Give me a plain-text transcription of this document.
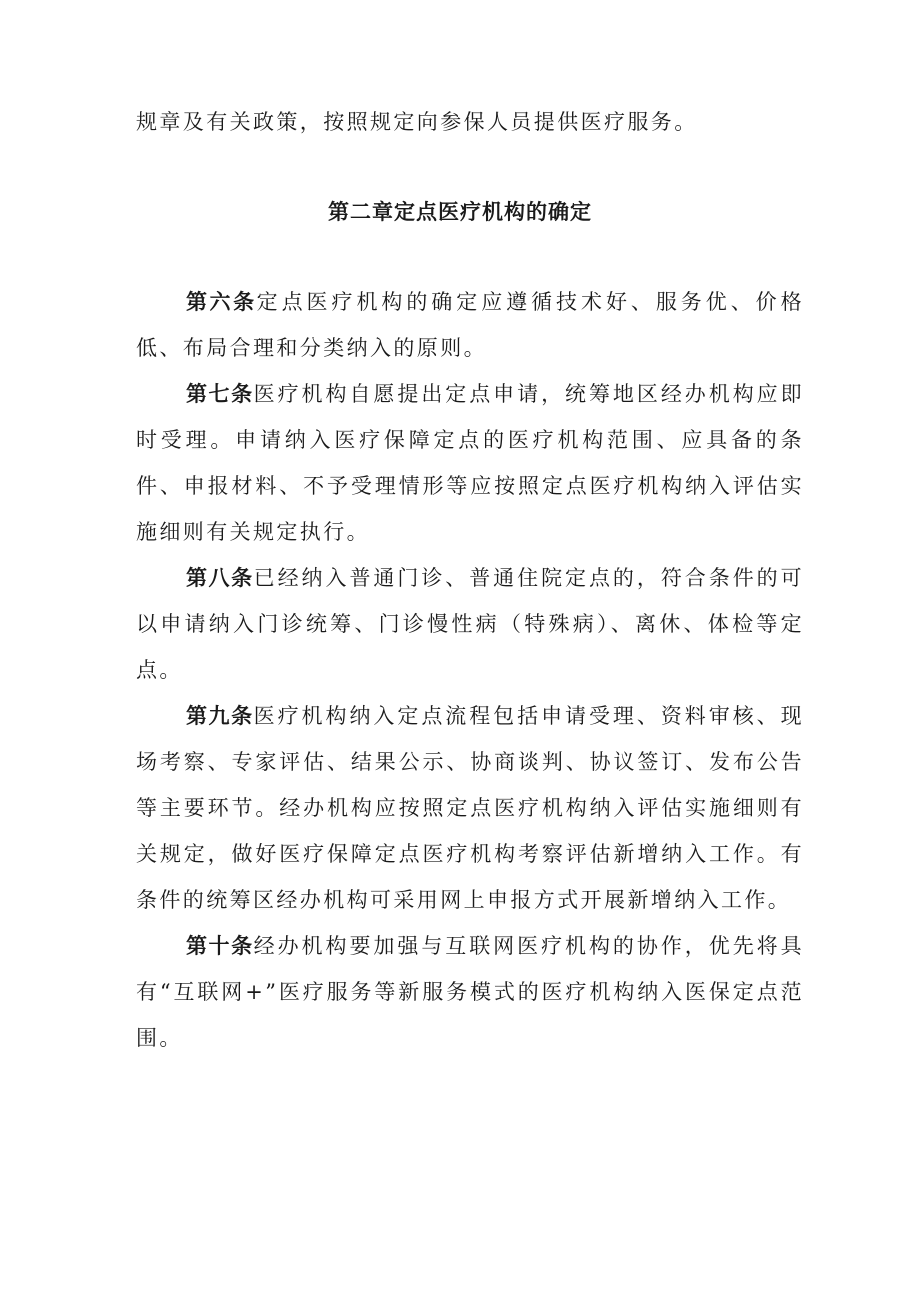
规章及有关政策，按照规定向参保人员提供医疗服务。
第二章定点医疗机构的确定
第六条定点医疗机构的确定应遵循技术好、服务优、价格低、布局合理和分类纳入的原则。
第七条医疗机构自愿提出定点申请，统筹地区经办机构应即时受理。申请纳入医疗保障定点的医疗机构范围、应具备的条件、申报材料、不予受理情形等应按照定点医疗机构纳入评估实施细则有关规定执行。
第八条已经纳入普通门诊、普通住院定点的，符合条件的可以申请纳入门诊统筹、门诊慢性病（特殊病）、离休、体检等定点。
第九条医疗机构纳入定点流程包括申请受理、资料审核、现场考察、专家评估、结果公示、协商谈判、协议签订、发布公告等主要环节。经办机构应按照定点医疗机构纳入评估实施细则有关规定，做好医疗保障定点医疗机构考察评估新增纳入工作。有条件的统筹区经办机构可采用网上申报方式开展新增纳入工作。
第十条经办机构要加强与互联网医疗机构的协作，优先将具有“互联网+”医疗服务等新服务模式的医疗机构纳入医保定点范围。
